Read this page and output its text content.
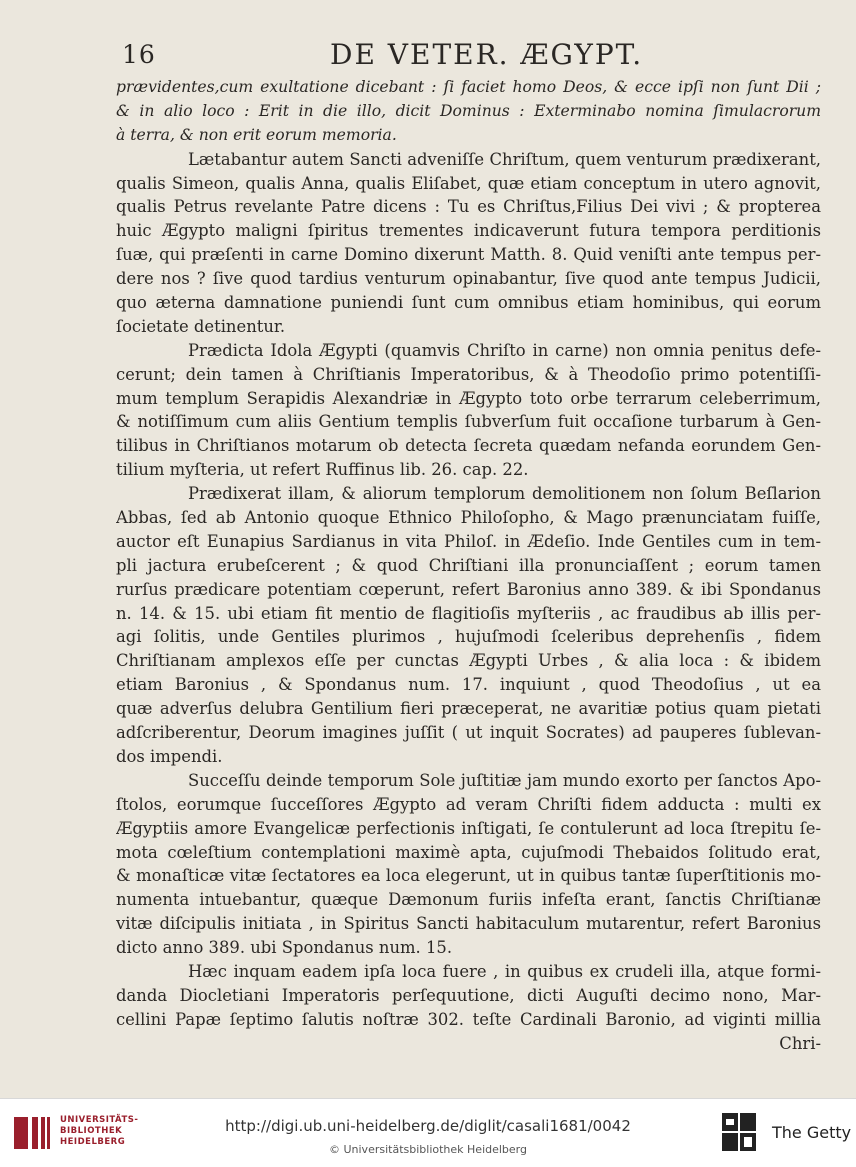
16	DE VETER. ÆGYPT.
prævidentes,cum exultatione dicebant : ſi faciet homo Deos, & ecce ipſi non ſunt Dii ;
& in alio loco : Erit in die illo, dicit Dominus : Exterminabo nomina ſimulacrorum
à terra, & non erit eorum memoria.
Lætabantur autem Sancti adveniſſe Chriſtum, quem venturum prædixerant,
qualis Simeon, qualis Anna, qualis Eliſabet, quæ etiam conceptum in utero agnovit,
qualis Petrus revelante Patre dicens : Tu es Chriſtus,Filius Dei vivi ; & propterea
huic Ægypto maligni ſpiritus trementes indicaverunt futura tempora perditionis
ſuæ, qui præſenti in carne Domino dixerunt Matth. 8. Quid veniſti ante tempus per-
dere nos ? ſive quod tardius venturum opinabantur, ſive quod ante tempus Judicii,
quo æterna damnatione puniendi ſunt cum omnibus etiam hominibus, qui eorum
ſocietate detinentur.
Prædicta Idola Ægypti (quamvis Chriſto in carne) non omnia penitus defe-
cerunt; dein tamen à Chriſtianis Imperatoribus, & à Theodoſio primo potentiſſi-
mum templum Serapidis Alexandriæ in Ægypto toto orbe terrarum celeberrimum,
& notiſſimum cum aliis Gentium templis ſubverſum fuit occaſione turbarum à Gen-
tilibus in Chriſtianos motarum ob detecta ſecreta quædam nefanda eorundem Gen-
tilium myſteria, ut refert Ruffinus lib. 26. cap. 22.
Prædixerat illam, & aliorum templorum demolitionem non ſolum Beſlarion
Abbas, ſed ab Antonio quoque Ethnico Philoſopho, & Mago prænunciatam fuiſſe,
auctor eſt Eunapius Sardianus in vita Philoſ. in Ædeſio. Inde Gentiles cum in tem-
pli jactura erubeſcerent ; & quod Chriſtiani illa pronunciaſſent ; eorum tamen
rurſus prædicare potentiam cœperunt, refert Baronius anno 389. & ibi Spondanus
n. 14. & 15. ubi etiam fit mentio de flagitioſis myſteriis , ac fraudibus ab illis per-
agi ſolitis, unde Gentiles plurimos , hujuſmodi ſceleribus deprehenſis , fidem
Chriſtianam amplexos eſſe per cunctas Ægypti Urbes , & alia loca : & ibidem
etiam Baronius , & Spondanus num. 17. inquiunt , quod Theodoſius , ut ea
quæ adverſus delubra Gentilium fieri præceperat, ne avaritiæ potius quam pietati
adſcriberentur, Deorum imagines juſſit ( ut inquit Socrates) ad pauperes ſublevan-
dos impendi.
Succeſſu deinde temporum Sole juſtitiæ jam mundo exorto per ſanctos Apo-
ſtolos, eorumque ſucceſſores Ægypto ad veram Chriſti fidem adducta : multi ex
Ægyptiis amore Evangelicæ perfectionis inſtigati, ſe contulerunt ad loca ſtrepitu ſe-
mota cœleſtium contemplationi maximè apta, cujuſmodi Thebaidos ſolitudo erat,
& monaſticæ vitæ ſectatores ea loca elegerunt, ut in quibus tantæ ſuperſtitionis mo-
numenta intuebantur, quæque Dæmonum furiis infeſta erant, ſanctis Chriſtianæ
vitæ diſcipulis initiata , in Spiritus Sancti habitaculum mutarentur, refert Baronius
dicto anno 389. ubi Spondanus num. 15.
Hæc inquam eadem ipſa loca fuere , in quibus ex crudeli illa, atque formi-
danda Diocletiani Imperatoris perſequutione, dicti Auguſti decimo nono, Mar-
cellini Papæ ſeptimo ſalutis noſtræ 302. teſte Cardinali Baronio, ad viginti millia
Chri-
UNIVERSITÄTS-
BIBLIOTHEK
HEIDELBERG
http://digi.ub.uni-heidelberg.de/diglit/casali1681/0042
© Universitätsbibliothek Heidelberg
The Getty
